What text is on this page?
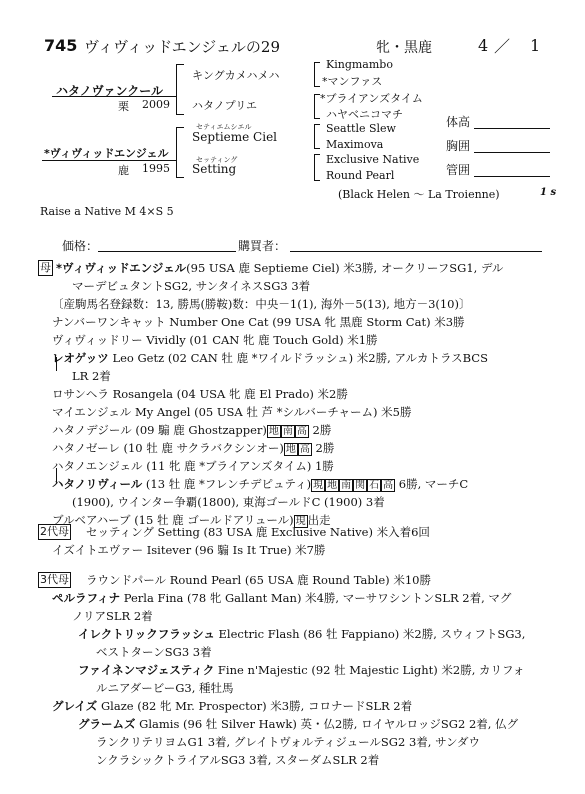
745 ヴィヴィッドエンジェルの29	牝・黒鹿	4 ／ 1
ハタノヴァンクール
栗 2009
*ヴィヴィッドエンジェル
鹿 1995
キングカメハメハ
ハタノプリエ
セティエムシエル
Septieme Ciel
セッティング
Setting
Kingmambo
*マンファス
*ブライアンズタイム
ハヤベニコマチ
Seattle Slew
Maximova
Exclusive Native
Round Pearl
(Black Helen ～ La Troienne)	1 s
体高
胸囲
管囲
Raise a Native M 4×S 5
価格：	購買者：
母 *ヴィヴィッドエンジェル(95 USA 鹿 Septieme Ciel) 米3勝, オークリーフSG1, デル
マーデビュタントSG2, サンタイネスSG3 3着
〔産駒馬名登録数：13, 勝馬(勝鞍)数：中央－1(1), 海外－5(13), 地方－3(10)〕
ナンバーワンキャット Number One Cat (99 USA 牝 黒鹿 Storm Cat) 米3勝
ヴィヴィッドリー Vividly (01 CAN 牝 鹿 Touch Gold) 米1勝
レオゲッツ Leo Getz (02 CAN 牡 鹿 *ワイルドラッシュ) 米2勝, アルカトラスBCS
LR 2着
ロサンヘラ Rosangela (04 USA 牝 鹿 El Prado) 米2勝
マイエンジェル My Angel (05 USA 牡 芦 *シルバーチャーム) 米5勝
ハタノデジール (09 騸 鹿 Ghostzapper) 地 南 高 2勝
ハタノゼーレ (10 牡 鹿 サクラバクシンオー) 地 高 2勝
ハタノエンジェル (11 牝 鹿 *ブライアンズタイム) 1勝
ハタノリヴィール (13 牡 鹿 *フレンチデピュティ) 現 地 南 関 石 高 6勝, マーチC
(1900), ウインター争覇(1800), 東海ゴールドC (1900) 3着
ブルベアハーブ (15 牡 鹿 ゴールドアリュール) 現 出走
2代母 セッティング Setting (83 USA 鹿 Exclusive Native) 米入着6回
イズイトエヴァー Isitever (96 騸 Is It True) 米7勝
3代母 ラウンドパール Round Pearl (65 USA 鹿 Round Table) 米10勝
ペルラフィナ Perla Fina (78 牝 Gallant Man) 米4勝, マーサワシントンSLR 2着, マグ
ノリアSLR 2着
イレクトリックフラッシュ Electric Flash (86 牡 Fappiano) 米2勝, スウィフトSG3,
ベストターンSG3 3着
ファイネンマジェスティク Fine n'Majestic (92 牡 Majestic Light) 米2勝, カリフォ
ルニアダービーG3, 種牡馬
グレイズ Glaze (82 牝 Mr. Prospector) 米3勝, コロナードSLR 2着
グラームズ Glamis (96 牡 Silver Hawk) 英・仏2勝, ロイヤルロッジSG2 2着, 仏グ
ランクリテリヨムG1 3着, グレイトヴォルティジュールSG2 3着, サンダウ
ンクラシックトライアルSG3 3着, スターダムSLR 2着
